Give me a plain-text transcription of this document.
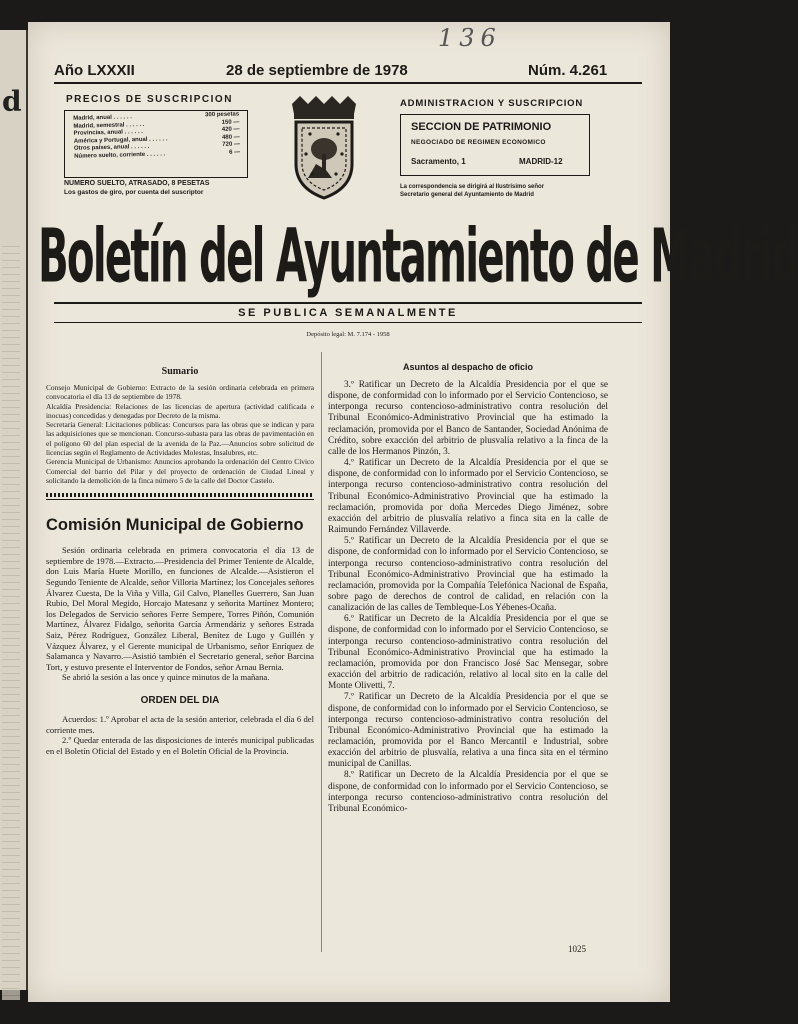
d
136
Año LXXXII	28 de septiembre de 1978	Núm. 4.261
PRECIOS DE SUSCRIPCION
Madrid, anual . . . . . .	300 pesetas
Madrid, semestral . . . . . .	150 —
Provincias, anual . . . . . .	420 —
América y Portugal, anual . . . . . .	480 —
Otros países, anual . . . . . .	720 —
Número suelto, corriente . . . . . .	6 —
NUMERO SUELTO, ATRASADO, 8 PESETAS
Los gastos de giro, por cuenta del suscriptor
ADMINISTRACION Y SUSCRIPCION
SECCION DE PATRIMONIO
NEGOCIADO DE REGIMEN ECONOMICO
Sacramento, 1	MADRID-12
La correspondencia se dirigirá al Ilustrísimo señor
Secretario general del Ayuntamiento de Madrid
Boletín del Ayuntamiento de Madrid
SE PUBLICA SEMANALMENTE
Depósito legal: M. 7.174 - 1958
Sumario

Consejo Municipal de Gobierno: Extracto de la sesión ordinaria celebrada en primera convocatoria el día 13 de septiembre de 1978.

Alcaldía Presidencia: Relaciones de las licencias de apertura (actividad calificada e inocuas) concedidas y denegadas por Decreto de la misma.

Secretaría General: Licitaciones públicas: Concursos para las obras que se indican y para las adquisiciones que se mencionan. Concurso-subasta para las obras de pavimentación en el polígono 60 del plan especial de la avenida de la Paz.—Anuncios sobre solicitud de licencias según el Reglamento de Actividades Molestas, Insalubres, etc.

Gerencia Municipal de Urbanismo: Anuncios aprobando la ordenación del Centro Cívico Comercial del barrio del Pilar y del proyecto de ordenación de Ciudad Lineal y solicitando la demolición de la finca número 5 de la calle del Doctor Castelo.

Comisión Municipal de Gobierno

Sesión ordinaria celebrada en primera convocatoria el día 13 de septiembre de 1978.—Extracto.—Presidencia del Primer Teniente de Alcalde, don Luis María Huete Morillo, en funciones de Alcalde.—Asistieron el Segundo Teniente de Alcalde, señor Villoria Martínez; los Concejales señores Álvarez Cuesta, De la Viña y Villa, Gil Calvo, Planelles Guerrero, San Juan Rubio, Del Moral Megido, Horcajo Matesanz y señorita Martínez Montero; los Delegados de Servicio señores Ferre Sempere, Torres Piñón, Comunión Martínez, Álvarez Fidalgo, señorita García Armendáriz y señores Estrada Saiz, Pérez Rodríguez, González Liberal, Benítez de Lugo y Guillén y Vázquez Álvarez, y el Gerente municipal de Urbanismo, señor Enríquez de Salamanca y Navarro.—Asistió también el Secretario general, señor Barcina Tort, y estuvo presente el Interventor de Fondos, señor Arnau Bernia.

Se abrió la sesión a las once y quince minutos de la mañana.

ORDEN DEL DIA

Acuerdos: 1.º Aprobar el acta de la sesión anterior, celebrada el día 6 del corriente mes.

2.º Quedar enterada de las disposiciones de interés municipal publicadas en el Boletín Oficial del Estado y en el Boletín Oficial de la Provincia.

Asuntos al despacho de oficio

3.º Ratificar un Decreto de la Alcaldía Presidencia por el que se dispone, de conformidad con lo informado por el Servicio Contencioso, se interponga recurso contencioso-administrativo contra resolución del Tribunal Económico-Administrativo Provincial que ha estimado la reclamación, promovida por el Banco de Santander, Sociedad Anónima de Crédito, sobre exacción del arbitrio de plusvalía relativo a la finca de la calle de los Hermanos Pinzón, 3.

4.º Ratificar un Decreto de la Alcaldía Presidencia por el que se dispone, de conformidad con lo informado por el Servicio Contencioso, se interponga recurso contencioso-administrativo contra resolución del Tribunal Económico-Administrativo Provincial que ha estimado la reclamación, promovida por doña Mercedes Diego Jiménez, sobre exacción del arbitrio de plusvalía relativo a finca sita en la calle de Raimundo Fernández Villaverde.

5.º Ratificar un Decreto de la Alcaldía Presidencia por el que se dispone, de conformidad con lo informado por el Servicio Contencioso, se interponga recurso contencioso-administrativo contra resolución del Tribunal Económico-Administrativo Provincial que ha estimado la reclamación, promovida por la Compañía Telefónica Nacional de España, sobre pago de derechos de control de calidad, en relación con la canalización de las calles de Tembleque-Los Yébenes-Ocaña.

6.º Ratificar un Decreto de la Alcaldía Presidencia por el que se dispone, de conformidad con lo informado por el Servicio Contencioso, se interponga recurso contencioso-administrativo contra resolución del Tribunal Económico-Administrativo Provincial que ha estimado la reclamación, promovida por don Francisco José Sac Mensegar, sobre exacción del arbitrio de radicación, relativo al local sito en la calle del Monte Olivetti, 7.

7.º Ratificar un Decreto de la Alcaldía Presidencia por el que se dispone, de conformidad con lo informado por el Servicio Contencioso, se interponga recurso contencioso-administrativo contra resolución del Tribunal Económico-Administrativo Provincial que ha estimado la reclamación, promovida por el Banco Mercantil e Industrial, sobre exacción del arbitrio de plusvalía, relativa a una finca sita en el término municipal de Canillas.

8.º Ratificar un Decreto de la Alcaldía Presidencia por el que se dispone, de conformidad con lo informado por el Servicio Contencioso, se interponga recurso contencioso-administrativo contra resolución del Tribunal Económico-

1025
